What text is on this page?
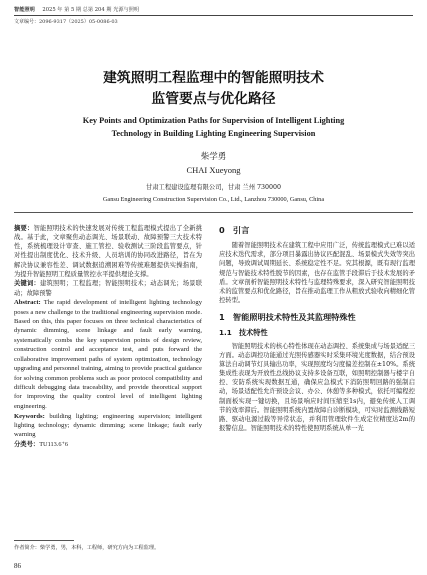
智能照明 2025 年 第 5 期 总第 204 期 光源与照明
文章编号：2096-9317（2025）05-0086-03
建筑照明工程监理中的智能照明技术
监管要点与优化路径
Key Points and Optimization Paths for Supervision of Intelligent Lighting
Technology in Building Lighting Engineering Supervision
柴学勇
CHAI Xueyong
甘肃工程建设监理有限公司，甘肃 兰州 730000
Gansu Engineering Construction Supervision Co., Ltd., Lanzhou 730000, Gansu, China

摘要：智能照明技术的快速发展对传统工程监理模式提出了全新挑战。基于此，文章聚焦动态调光、场景联动、故障预警三大技术特性，系统梳理设计审查、施工管控、验收测试三阶段监管要点，针对性提出制度优化、技术升级、人员培训的协同改进路径，旨在为解决协议兼容性差、调试数据追溯困难等传统难题提供实操指南，为提升智能照明工程质量管控水平提供理论支撑。

关键词：建筑照明；工程监理；智能照明技术；动态调光；场景联动；故障预警

Abstract: The rapid development of intelligent lighting technology poses a new challenge to the traditional engineering supervision mode. Based on this, this paper focuses on three technical characteristics of dynamic dimming, scene linkage and fault early warning, systematically combs the key supervision points of design review, construction control and acceptance test, and puts forward the collaborative improvement paths of system optimization, technology upgrading and personnel training, aiming to provide practical guidance for solving common problems such as poor protocol compatibility and difficult debugging data traceability, and provide theoretical support for improving the quality control level of intelligent lighting engineering.

Keywords: building lighting; engineering supervision; intelligent lighting technology; dynamic dimming; scene linkage; fault early warning

分类号：TU113.6⁺6

0　引言

随着智能照明技术在建筑工程中应用广泛，传统监理模式已难以适应技术迭代需求，部分项目暴露出协议匹配混乱、场景模式失效等突出问题，导致调试周期延长、系统稳定性不足。究其根源，既有现行监理规范与智能技术特性脱节的因素，也存在监管手段滞后于技术发展的矛盾。文章剖析智能照明技术特性与监理特殊要求，深入研究智能照明技术的监管要点和优化路径，旨在推动监理工作从粗放式验收向精细化管控转型。

1　智能照明技术特性及其监理特殊性
1.1　技术特性

智能照明技术的核心特性体现在动态调控、系统集成与场景适配三方面。动态调控功能通过光照传感器实时采集环境光度数据，结合预设算法自动调节灯具输出功率，实现照度均匀度偏差控制在±10%。系统集成性表现为开放性总线协议支持多设备互联，如照明控制器与楼宇自控、安防系统实现数据互通，确保应急模式下消防照明回路的强制启动，场景适配性允许预设会议、办公、休憩等多种模式，依托可编程控制面板实现一键切换，且场景响应时间压缩至1s内，避免传统人工调节的效率滞后。智能照明系统内置故障自诊断模块，可实时监测线路短路、驱动电源过载等异常状态，并利用管理软件生成定位精度达2m的报警信息。智能照明技术的特性使照明系统从单一光

作者简介：柴学勇，男，本科，工程师，研究方向为工程监理。
86
